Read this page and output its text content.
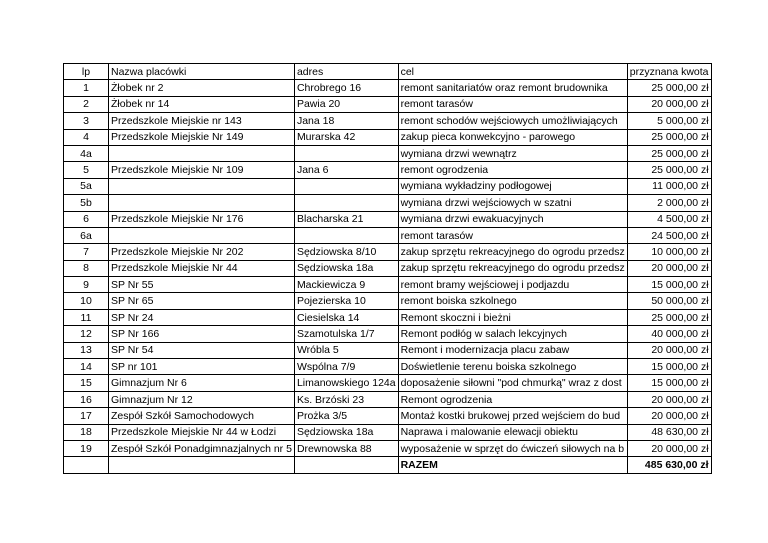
lp	Nazwa placówki	adres	cel	przyznana kwota
1	Żłobek nr 2	Chrobrego 16	remont sanitariatów oraz remont brudownika	25 000,00 zł
2	Żłobek nr 14	Pawia 20	remont tarasów	20 000,00 zł
3	Przedszkole Miejskie nr 143	Jana 18	remont schodów wejściowych umożliwiających	5 000,00 zł
4	Przedszkole Miejskie Nr 149	Murarska 42	zakup pieca konwekcyjno - parowego	25 000,00 zł
4a			wymiana drzwi wewnątrz	25 000,00 zł
5	Przedszkole Miejskie Nr 109	Jana 6	remont ogrodzenia	25 000,00 zł
5a			wymiana wykładziny podłogowej	11 000,00 zł
5b			wymiana drzwi wejściowych w szatni	2 000,00 zł
6	Przedszkole Miejskie Nr 176	Blacharska 21	wymiana drzwi ewakuacyjnych	4 500,00 zł
6a			remont tarasów	24 500,00 zł
7	Przedszkole Miejskie Nr 202	Sędziowska 8/10	zakup sprzętu rekreacyjnego do ogrodu przedsz	10 000,00 zł
8	Przedszkole Miejskie Nr 44	Sędziowska 18a	zakup sprzętu rekreacyjnego do ogrodu przedsz	20 000,00 zł
9	SP Nr 55	Mackiewicza 9	remont bramy wejściowej i podjazdu	15 000,00 zł
10	SP Nr 65	Pojezierska 10	remont boiska szkolnego	50 000,00 zł
11	SP Nr 24	Ciesielska 14	Remont skoczni i bieżni	25 000,00 zł
12	SP Nr 166	Szamotulska 1/7	Remont podłóg w salach lekcyjnych	40 000,00 zł
13	SP Nr 54	Wróbla 5	Remont i modernizacja placu zabaw	20 000,00 zł
14	SP nr 101	Wspólna 7/9	Doświetlenie terenu boiska szkolnego	15 000,00 zł
15	Gimnazjum Nr 6	Limanowskiego 124a	doposażenie siłowni "pod chmurką" wraz z dost	15 000,00 zł
16	Gimnazjum Nr 12	Ks. Brzóski 23	Remont ogrodzenia	20 000,00 zł
17	Zespół Szkół Samochodowych	Prożka 3/5	Montaż kostki brukowej przed wejściem do bud	20 000,00 zł
18	Przedszkole Miejskie Nr 44 w Łodzi	Sędziowska 18a	Naprawa i malowanie elewacji obiektu	48 630,00 zł
19	Zespół Szkół Ponadgimnazjalnych nr 5	Drewnowska 88	wyposażenie w sprzęt do ćwiczeń siłowych na b	20 000,00 zł
			RAZEM	485 630,00 zł
